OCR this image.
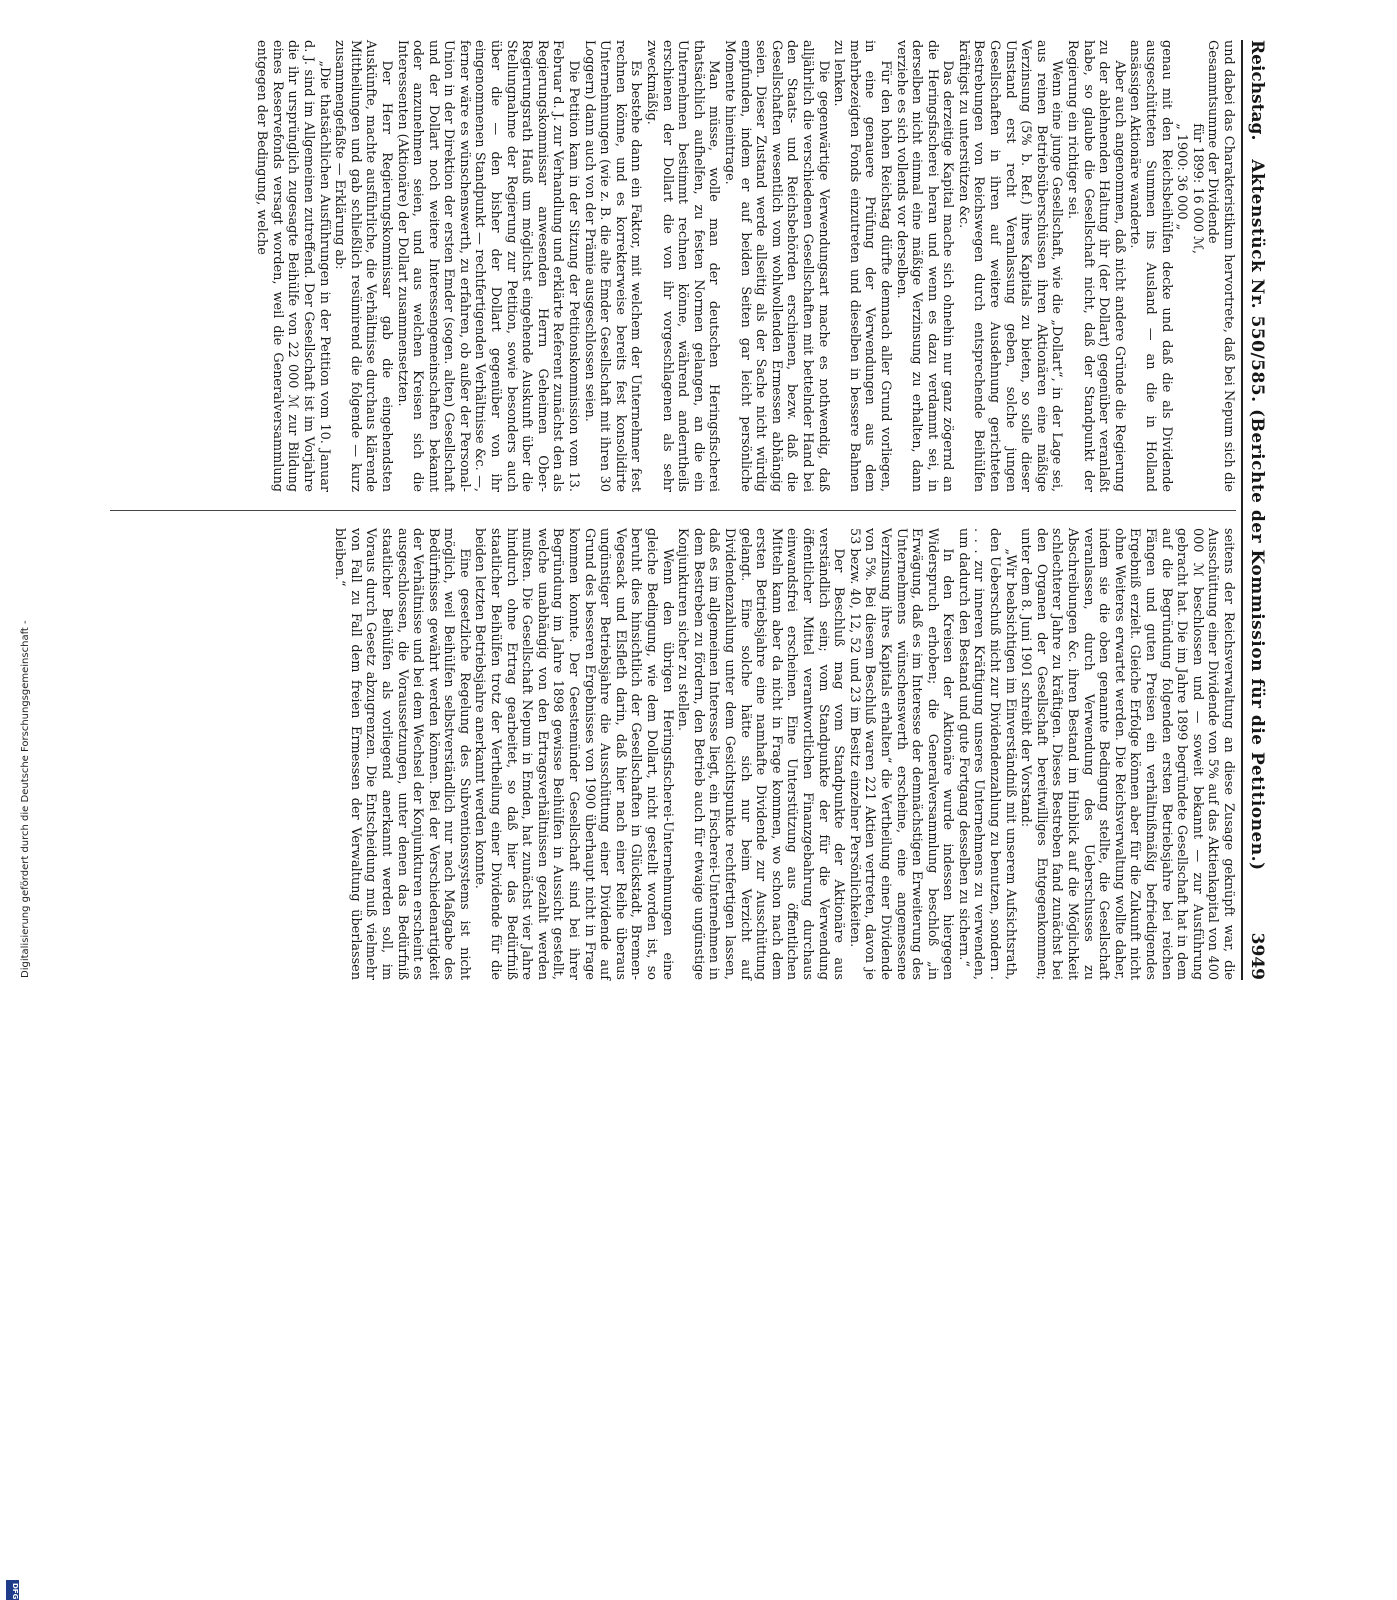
Reichstag.
Aktenstück Nr. 550/585. (Berichte der Kommission für die Petitionen.)
3949

und dabei das Charakteristikum hervortrete, daß bei Nepum sich die Gesammtsumme der Dividende

für 1899: 16 000 ℳ,

„ 1900: 36 000 „

genau mit den Reichsbeihülfen decke und daß die als Dividende ausgeschütteten Summen ins Ausland — an die in Holland ansässigen Aktionäre wanderte.

Aber auch angenommen, daß nicht andere Gründe die Regierung zu der ablehnenden Haltung ihr (der Dollart) gegenüber veranlaßt habe, so glaube die Gesellschaft nicht, daß der Standpunkt der Regierung ein richtiger sei.

Wenn eine junge Gesellschaft, wie die „Dollart“, in der Lage sei, aus reinen Betriebsüberschüssen ihren Aktionären eine mäßige Verzinsung (5% b. Ref.) ihres Kapitals zu bieten, so solle dieser Umstand erst recht Veranlassung geben, solche jungen Gesellschaften in ihren auf weitere Ausdehnung gerichteten Bestrebungen von Reichswegen durch entsprechende Beihülfen kräftigst zu unterstützen &c.

Das derzeitige Kapital mache sich ohnehin nur ganz zögernd an die Heringsfischerei heran und wenn es dazu verdammt sei, in derselben nicht einmal eine mäßige Verzinsung zu erhalten, dann verziehe es sich vollends vor derselben.

Für den hohen Reichstag dürfte demnach aller Grund vorliegen, in eine genauere Prüfung der Verwendungen aus dem mehrbezeigten Fonds einzutreten und dieselben in bessere Bahnen zu lenken.

Die gegenwärtige Verwendungsart mache es nothwendig, daß alljährlich die verschiedenen Gesellschaften mit bettelnder Hand bei den Staats- und Reichsbehörden erschienen, bezw. daß die Gesellschaften wesentlich vom wohlwollenden Ermessen abhängig seien. Dieser Zustand werde allseitig als der Sache nicht würdig empfunden, indem er auf beiden Seiten gar leicht persönliche Momente hineintrage.

Man müsse, wolle man der deutschen Heringsfischerei thatsächlich aufhelfen, zu festen Normen gelangen, an die ein Unternehmen bestimmt rechnen könne, während anderntheils erschienen der Dollart die von ihr vorgeschlagenen als sehr zweckmäßig.

Es bestehe dann ein Faktor, mit welchem der Unternehmer fest rechnen könne, und es korrekterweise bereits fest konsolidirte Unternehmungen (wie z. B. die alte Emder Gesellschaft mit ihren 30 Loggern) dann auch von der Prämie ausgeschlossen seien.

Die Petition kam in der Sitzung der Petitionskommission vom 13. Februar d. J. zur Verhandlung und erklärte Referent zunächst den als Regierungskommissar anwesenden Herrn Geheimen Ober-Regierungsrath Hauß um möglichst eingehende Auskunft über die Stellungnahme der Regierung zur Petition, sowie besonders auch über die — den bisher der Dollart gegenüber von ihr eingenommenen Standpunkt — rechtfertigenden Verhältnisse &c. —, ferner wäre es wünschenswerth, zu erfahren, ob außer der Personal-Union in der Direktion der ersten Emder (sogen. alten) Gesellschaft und der Dollart noch weitere Interessengemeinschaften bekannt oder anzunehmen seien, und aus welchen Kreisen sich die Interessenten (Aktionäre) der Dollart zusammensetzten.

Der Herr Regierungskommissar gab die eingehendsten Auskünfte, machte ausführliche, die Verhältnisse durchaus klärende Mittheilungen und gab schließlich resümirend die folgende — kurz zusammengefaßte — Erklärung ab:

„Die thatsächlichen Ausführungen in der Petition vom 10. Januar d. J. sind im Allgemeinen zutreffend. Der Gesellschaft ist im Vorjahre die ihr ursprünglich zugesagte Beihülfe von 22 000 ℳ zur Bildung eines Reservefonds versagt worden, weil die Generalversammlung entgegen der Bedingung, welche

seitens der Reichsverwaltung an diese Zusage geknüpft war, die Ausschüttung einer Dividende von 5% auf das Aktienkapital von 400 000 ℳ beschlossen und — soweit bekannt — zur Ausführung gebracht hat. Die im Jahre 1899 begründete Gesellschaft hat in dem auf die Begründung folgenden ersten Betriebsjahre bei reichen Fängen und guten Preisen ein verhältnißmäßig befriedigendes Ergebniß erzielt. Gleiche Erfolge können aber für die Zukunft nicht ohne Weiteres erwartet werden. Die Reichsverwaltung wollte daher, indem sie die oben genannte Bedingung stellte, die Gesellschaft veranlassen, durch Verwendung des Ueberschusses zu Abschreibungen &c. ihren Bestand im Hinblick auf die Möglichkeit schlechterer Jahre zu kräftigen. Dieses Bestreben fand zunächst bei den Organen der Gesellschaft bereitwilliges Entgegenkommen; unter dem 8. Juni 1901 schreibt der Vorstand:

„Wir beabsichtigen im Einverständniß mit unserem Aufsichtsrath, den Ueberschuß nicht zur Dividendenzahlung zu benutzen, sondern . . . . zur inneren Kräftigung unseres Unternehmens zu verwenden, um dadurch den Bestand und gute Fortgang desselben zu sichern.“

In den Kreisen der Aktionäre wurde indessen hiergegen Widerspruch erhoben; die Generalversammlung beschloß „in Erwägung, daß es im Interesse der demnächstigen Erweiterung des Unternehmens wünschenswerth erscheine, eine angemessene Verzinsung ihres Kapitals erhalten“ die Vertheilung einer Dividende von 5%. Bei diesem Beschluß waren 221 Aktien vertreten, davon je 53 bezw. 40, 12, 52 und 23 im Besitz einzelner Persönlichkeiten.

Der Beschluß mag vom Standpunkte der Aktionäre aus verständlich sein; vom Standpunkte der für die Verwendung öffentlicher Mittel verantwortlichen Finanzgebahrung durchaus einwandsfrei erscheinen. Eine Unterstützung aus öffentlichen Mitteln kann aber da nicht in Frage kommen, wo schon nach dem ersten Betriebsjahre eine namhafte Dividende zur Ausschüttung gelangt. Eine solche hätte sich nur beim Verzicht auf Dividendenzahlung unter dem Gesichtspunkte rechtfertigen lassen, daß es im allgemeinen Interesse liegt, ein Fischerei-Unternehmen in dem Bestreben zu fördern, den Betrieb auch für etwaige ungünstige Konjunkturen sicher zu stellen.

Wenn den übrigen Heringsfischerei-Unternehmungen eine gleiche Bedingung, wie dem Dollart, nicht gestellt worden ist, so beruht dies hinsichtlich der Gesellschaften in Glückstadt, Bremen-Vegesack und Elsfleth darin, daß hier nach einer Reihe überaus ungünstiger Betriebsjahre die Ausschüttung einer Dividende auf Grund des besseren Ergebnisses von 1900 überhaupt nicht in Frage kommen konnte. Der Geestemünder Gesellschaft sind bei ihrer Begründung im Jahre 1898 gewisse Beihülfen in Aussicht gestellt, welche unabhängig von den Ertragsverhältnissen gezahlt werden mußten. Die Gesellschaft Nepum in Emden, hat zunächst vier Jahre hindurch ohne Ertrag gearbeitet, so daß hier das Bedürfniß staatlicher Beihülfen trotz der Vertheilung einer Dividende für die beiden letzten Betriebsjahre anerkannt werden konnte.

Eine gesetzliche Regelung des Subventionssystems ist nicht möglich, weil Beihülfen selbstverständlich nur nach Maßgabe des Bedürfnisses gewährt werden können. Bei der Verschiedenartigkeit der Verhältnisse und bei dem Wechsel der Konjunkturen erscheint es ausgeschlossen, die Voraussetzungen, unter denen das Bedürfniß staatlicher Beihülfen als vorliegend anerkannt werden soll, im Voraus durch Gesetz abzugrenzen. Die Entscheidung muß vielmehr von Fall zu Fall dem freien Ermessen der Verwaltung überlassen bleiben.“

Digitalisierung gefördert durch die Deutsche Forschungsgemeinschaft -
DFG
